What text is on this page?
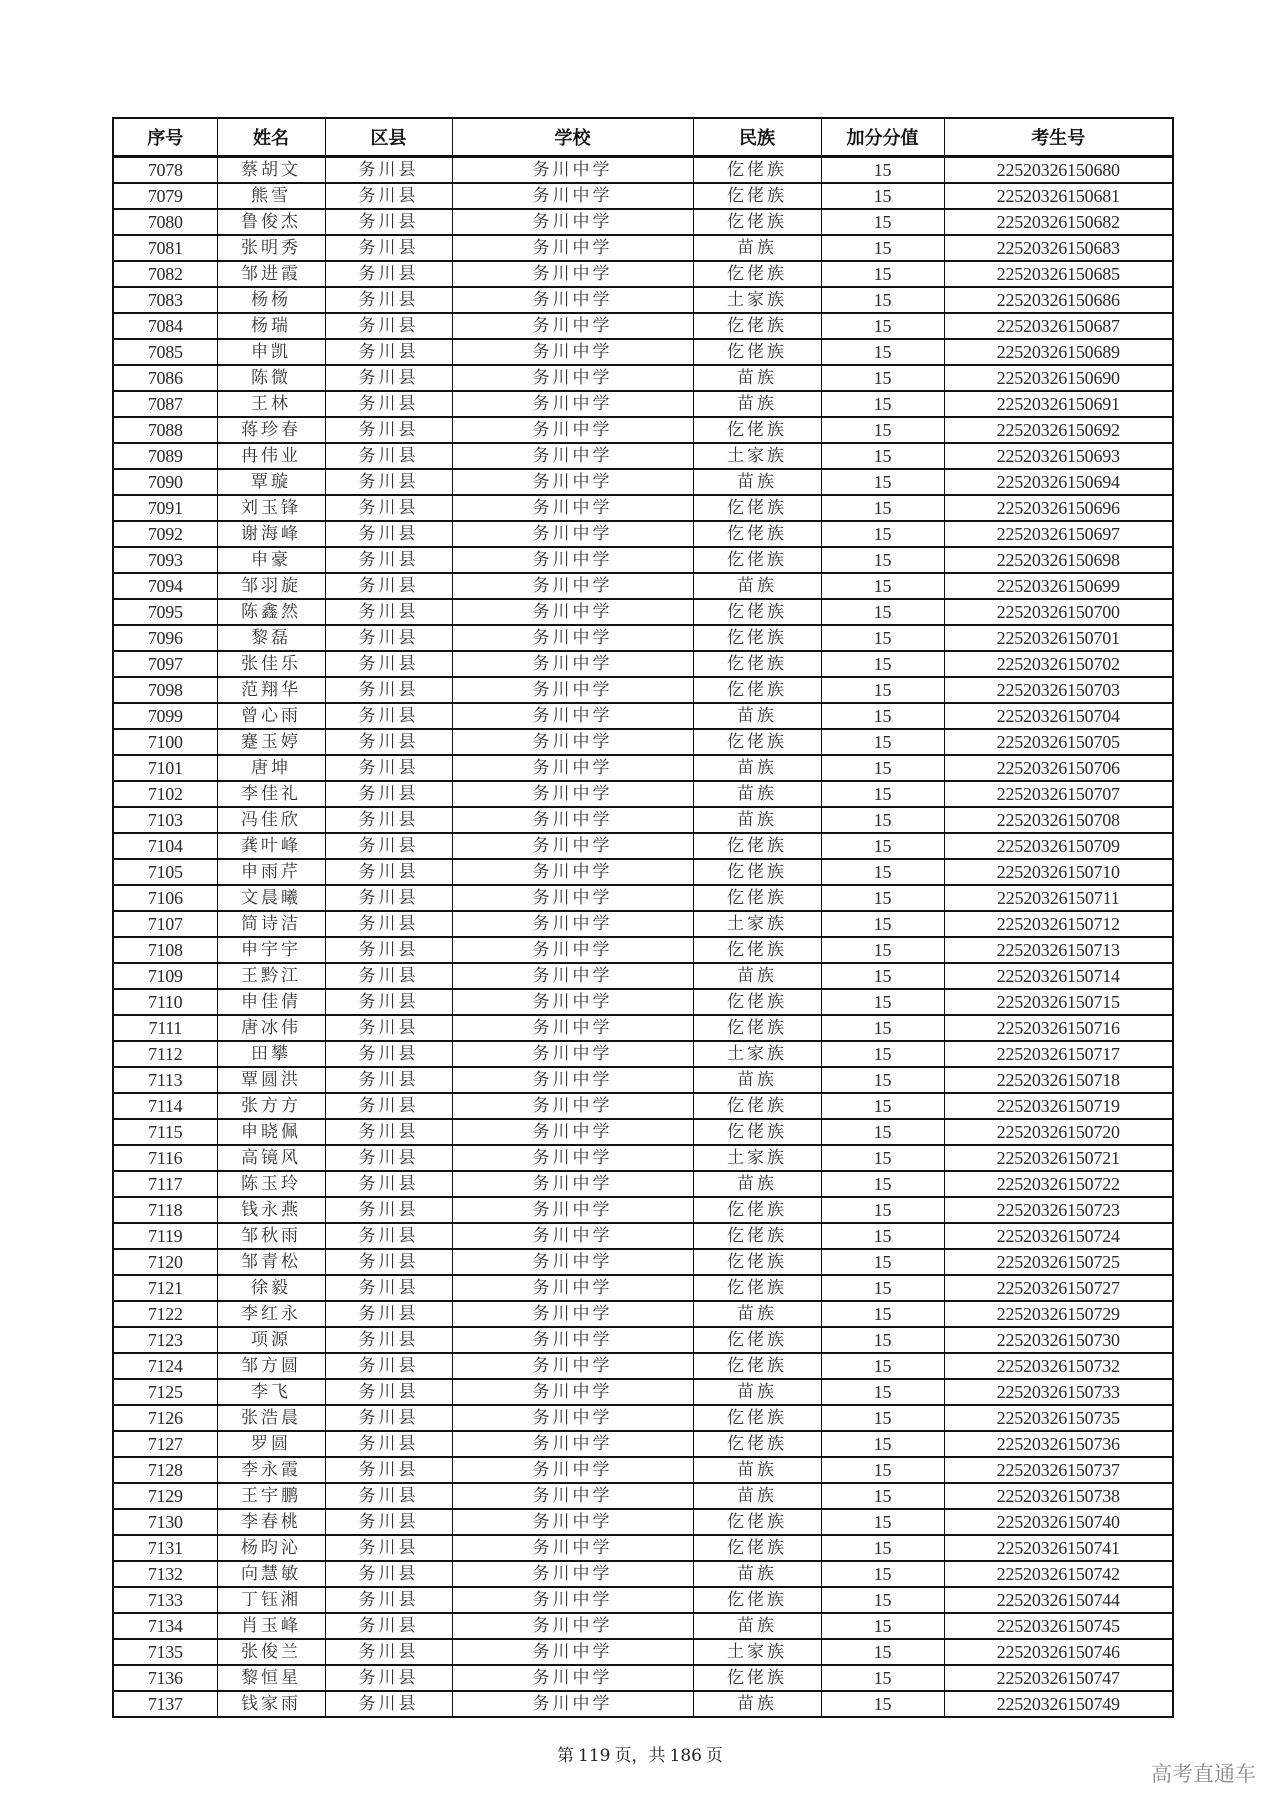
序号	姓名	区县	学校	民族	加分分值	考生号
7078	蔡胡文	务川县	务川中学	仡佬族	15	22520326150680
7079	熊雪	务川县	务川中学	仡佬族	15	22520326150681
7080	鲁俊杰	务川县	务川中学	仡佬族	15	22520326150682
7081	张明秀	务川县	务川中学	苗族	15	22520326150683
7082	邹进霞	务川县	务川中学	仡佬族	15	22520326150685
7083	杨杨	务川县	务川中学	土家族	15	22520326150686
7084	杨瑞	务川县	务川中学	仡佬族	15	22520326150687
7085	申凯	务川县	务川中学	仡佬族	15	22520326150689
7086	陈微	务川县	务川中学	苗族	15	22520326150690
7087	王林	务川县	务川中学	苗族	15	22520326150691
7088	蒋珍春	务川县	务川中学	仡佬族	15	22520326150692
7089	冉伟业	务川县	务川中学	土家族	15	22520326150693
7090	覃璇	务川县	务川中学	苗族	15	22520326150694
7091	刘玉锋	务川县	务川中学	仡佬族	15	22520326150696
7092	谢海峰	务川县	务川中学	仡佬族	15	22520326150697
7093	申豪	务川县	务川中学	仡佬族	15	22520326150698
7094	邹羽旋	务川县	务川中学	苗族	15	22520326150699
7095	陈鑫然	务川县	务川中学	仡佬族	15	22520326150700
7096	黎磊	务川县	务川中学	仡佬族	15	22520326150701
7097	张佳乐	务川县	务川中学	仡佬族	15	22520326150702
7098	范翔华	务川县	务川中学	仡佬族	15	22520326150703
7099	曾心雨	务川县	务川中学	苗族	15	22520326150704
7100	蹇玉婷	务川县	务川中学	仡佬族	15	22520326150705
7101	唐坤	务川县	务川中学	苗族	15	22520326150706
7102	李佳礼	务川县	务川中学	苗族	15	22520326150707
7103	冯佳欣	务川县	务川中学	苗族	15	22520326150708
7104	龚叶峰	务川县	务川中学	仡佬族	15	22520326150709
7105	申雨芹	务川县	务川中学	仡佬族	15	22520326150710
7106	文晨曦	务川县	务川中学	仡佬族	15	22520326150711
7107	简诗洁	务川县	务川中学	土家族	15	22520326150712
7108	申宇宇	务川县	务川中学	仡佬族	15	22520326150713
7109	王黔江	务川县	务川中学	苗族	15	22520326150714
7110	申佳倩	务川县	务川中学	仡佬族	15	22520326150715
7111	唐冰伟	务川县	务川中学	仡佬族	15	22520326150716
7112	田攀	务川县	务川中学	土家族	15	22520326150717
7113	覃圆洪	务川县	务川中学	苗族	15	22520326150718
7114	张方方	务川县	务川中学	仡佬族	15	22520326150719
7115	申晓佩	务川县	务川中学	仡佬族	15	22520326150720
7116	高镜风	务川县	务川中学	土家族	15	22520326150721
7117	陈玉玲	务川县	务川中学	苗族	15	22520326150722
7118	钱永燕	务川县	务川中学	仡佬族	15	22520326150723
7119	邹秋雨	务川县	务川中学	仡佬族	15	22520326150724
7120	邹青松	务川县	务川中学	仡佬族	15	22520326150725
7121	徐毅	务川县	务川中学	仡佬族	15	22520326150727
7122	李红永	务川县	务川中学	苗族	15	22520326150729
7123	项源	务川县	务川中学	仡佬族	15	22520326150730
7124	邹方圆	务川县	务川中学	仡佬族	15	22520326150732
7125	李飞	务川县	务川中学	苗族	15	22520326150733
7126	张浩晨	务川县	务川中学	仡佬族	15	22520326150735
7127	罗圆	务川县	务川中学	仡佬族	15	22520326150736
7128	李永霞	务川县	务川中学	苗族	15	22520326150737
7129	王宇鹏	务川县	务川中学	苗族	15	22520326150738
7130	李春桃	务川县	务川中学	仡佬族	15	22520326150740
7131	杨昀沁	务川县	务川中学	仡佬族	15	22520326150741
7132	向慧敏	务川县	务川中学	苗族	15	22520326150742
7133	丁钰湘	务川县	务川中学	仡佬族	15	22520326150744
7134	肖玉峰	务川县	务川中学	苗族	15	22520326150745
7135	张俊兰	务川县	务川中学	土家族	15	22520326150746
7136	黎恒星	务川县	务川中学	仡佬族	15	22520326150747
7137	钱家雨	务川县	务川中学	苗族	15	22520326150749
第 119 页，共 186 页
高考直通车
